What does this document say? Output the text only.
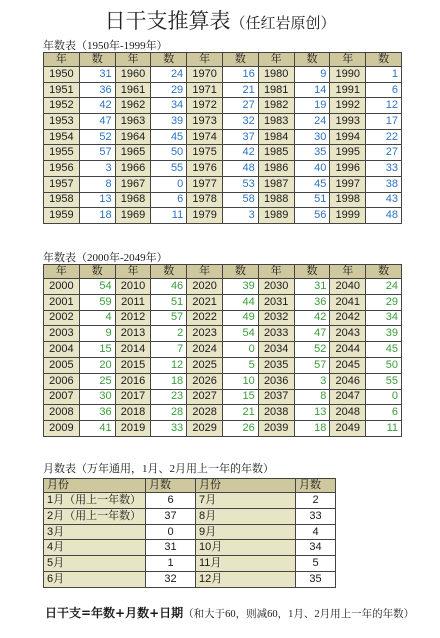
日干支推算表（任红岩原创）
年数表（1950年-1999年）
年	数	年	数	年	数	年	数	年	数
1950	31	1960	24	1970	16	1980	9	1990	1
1951	36	1961	29	1971	21	1981	14	1991	6
1952	42	1962	34	1972	27	1982	19	1992	12
1953	47	1963	39	1973	32	1983	24	1993	17
1954	52	1964	45	1974	37	1984	30	1994	22
1955	57	1965	50	1975	42	1985	35	1995	27
1956	3	1966	55	1976	48	1986	40	1996	33
1957	8	1967	0	1977	53	1987	45	1997	38
1958	13	1968	6	1978	58	1988	51	1998	43
1959	18	1969	11	1979	3	1989	56	1999	48
年数表（2000年-2049年）
年	数	年	数	年	数	年	数	年	数
2000	54	2010	46	2020	39	2030	31	2040	24
2001	59	2011	51	2021	44	2031	36	2041	29
2002	4	2012	57	2022	49	2032	42	2042	34
2003	9	2013	2	2023	54	2033	47	2043	39
2004	15	2014	7	2024	0	2034	52	2044	45
2005	20	2015	12	2025	5	2035	57	2045	50
2006	25	2016	18	2026	10	2036	3	2046	55
2007	30	2017	23	2027	15	2037	8	2047	0
2008	36	2018	28	2028	21	2038	13	2048	6
2009	41	2019	33	2029	26	2039	18	2049	11
月数表（万年通用，1月、2月用上一年的年数）
月份	月数	月份	月数
1月（用上一年数）	6	7月	2
2月（用上一年数）	37	8月	33
3月	0	9月	4
4月	31	10月	34
5月	1	11月	5
6月	32	12月	35
日干支=年数+月数+日期（和大于60，则减60，1月、2月用上一年的年数）
